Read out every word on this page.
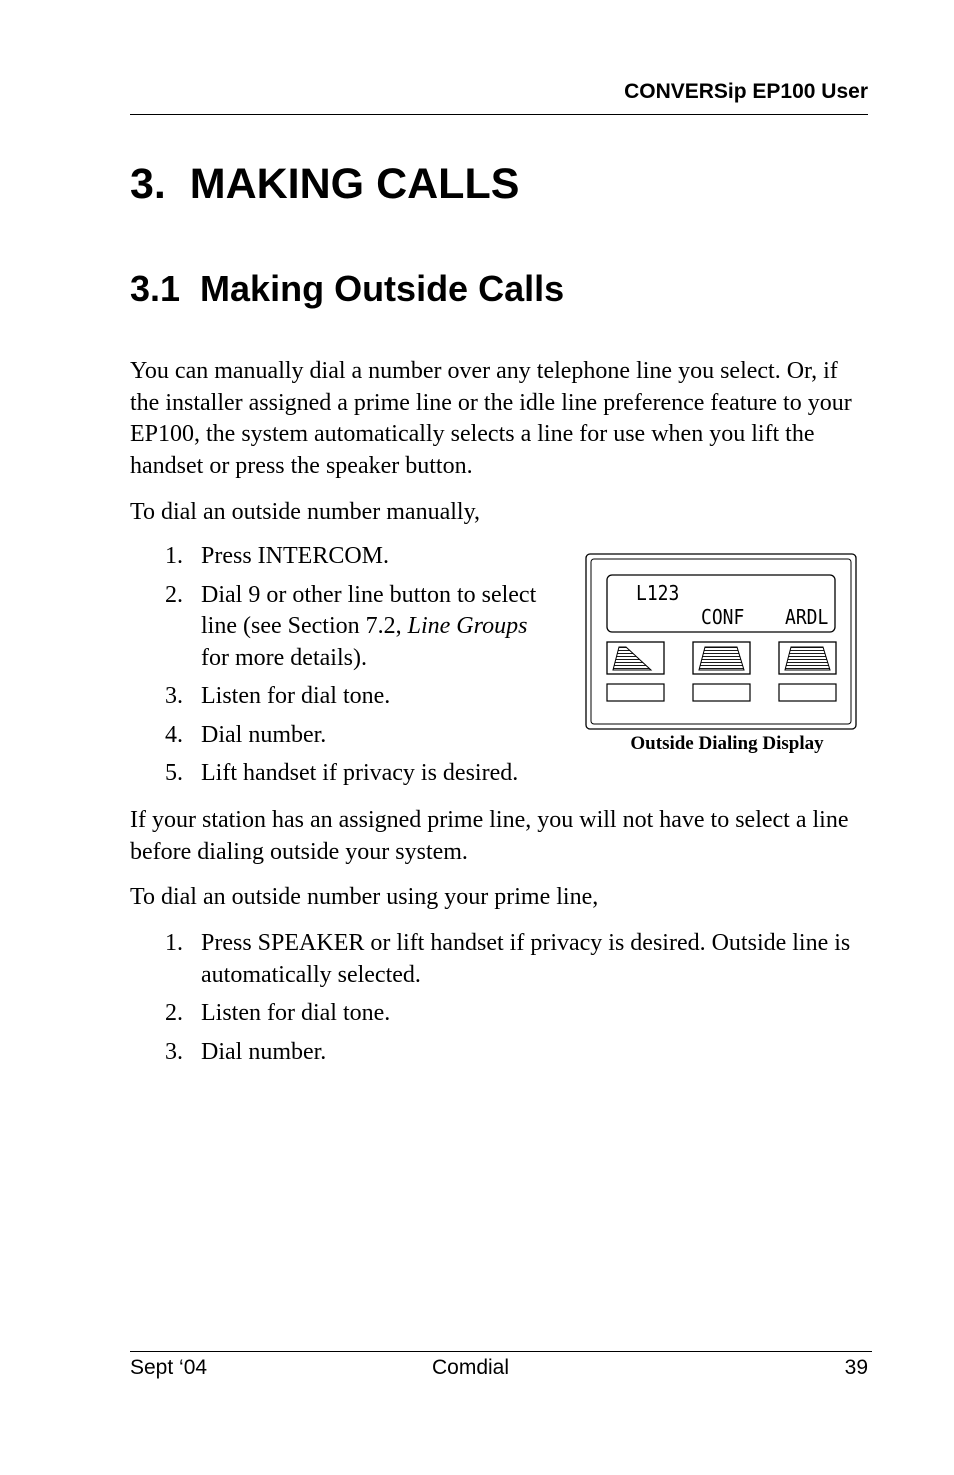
CONVERSip EP100 User
3.  MAKING CALLS
3.1  Making Outside Calls

You can manually dial a number over any telephone line you select. Or, if the installer assigned a prime line or the idle line preference feature to your EP100, the system automatically selects a line for use when you lift the handset or press the speaker button.

To dial an outside number manually,

1. Press INTERCOM.
2. Dial 9 or other line button to select line (see Section 7.2, Line Groups for more details).
3. Listen for dial tone.
4. Dial number.
5. Lift handset if privacy is desired.
L123
CONF ARDL
Outside Dialing Display

If your station has an assigned prime line, you will not have to select a line before dialing outside your system.

To dial an outside number using your prime line,

1. Press SPEAKER or lift handset if privacy is desired. Outside line is automatically selected.
2. Listen for dial tone.
3. Dial number.
Sept ‘04	Comdial	39
